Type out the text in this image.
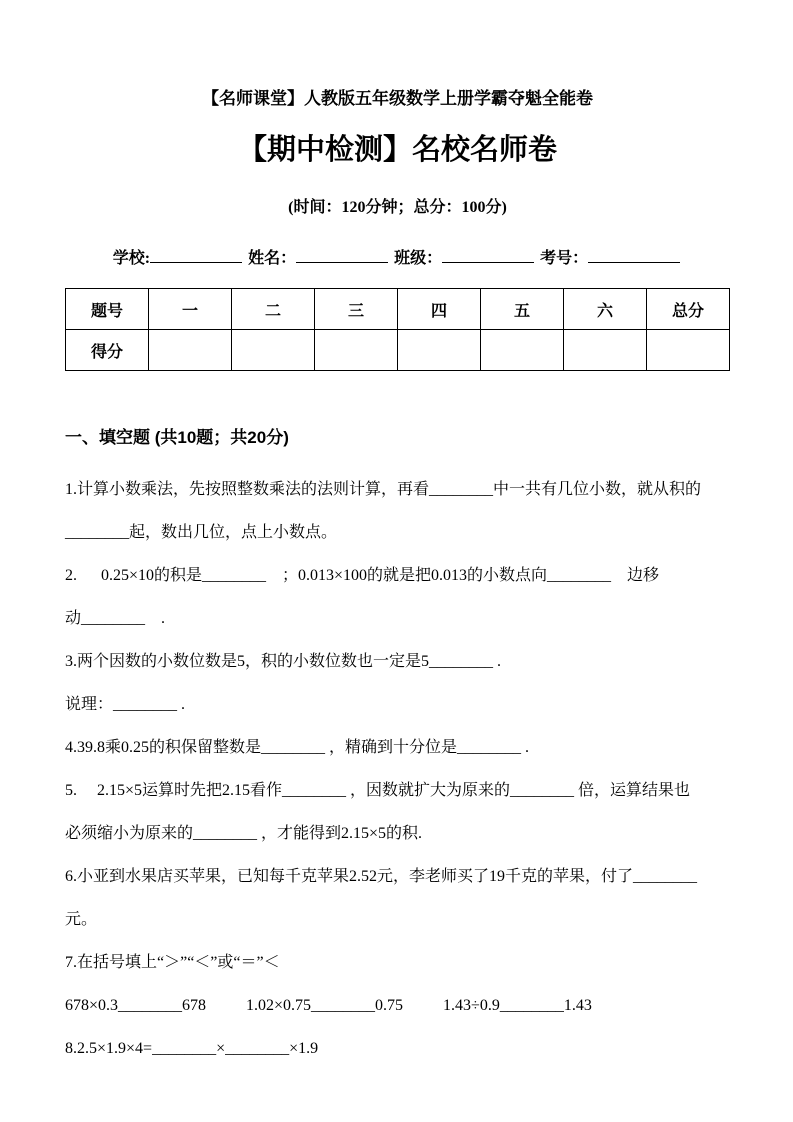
【名师课堂】人教版五年级数学上册学霸夺魁全能卷
【期中检测】名校名师卷
(时间：120分钟；总分：100分)
学校:	姓名：	班级：	考号：
题号	一	二	三	四	五	六	总分
得分							
一、填空题 (共10题；共20分)
1.计算小数乘法，先按照整数乘法的法则计算，再看________中一共有几位小数，就从积的
________起，数出几位，点上小数点。
2.      0.25×10的积是________　；0.013×100的就是把0.013的小数点向________　边移
动________　.
3.两个因数的小数位数是5，积的小数位数也一定是5________ .
说理：________ .
4.39.8乘0.25的积保留整数是________ ，精确到十分位是________ .
5.     2.15×5运算时先把2.15看作________ ，因数就扩大为原来的________ 倍，运算结果也
必须缩小为原来的________ ，才能得到2.15×5的积.
6.小亚到水果店买苹果，已知每千克苹果2.52元，李老师买了19千克的苹果，付了________
元。
7.在括号填上“＞”“＜”或“＝”＜
678×0.3________678          1.02×0.75________0.75          1.43÷0.9________1.43
8.2.5×1.9×4=________×________×1.9
